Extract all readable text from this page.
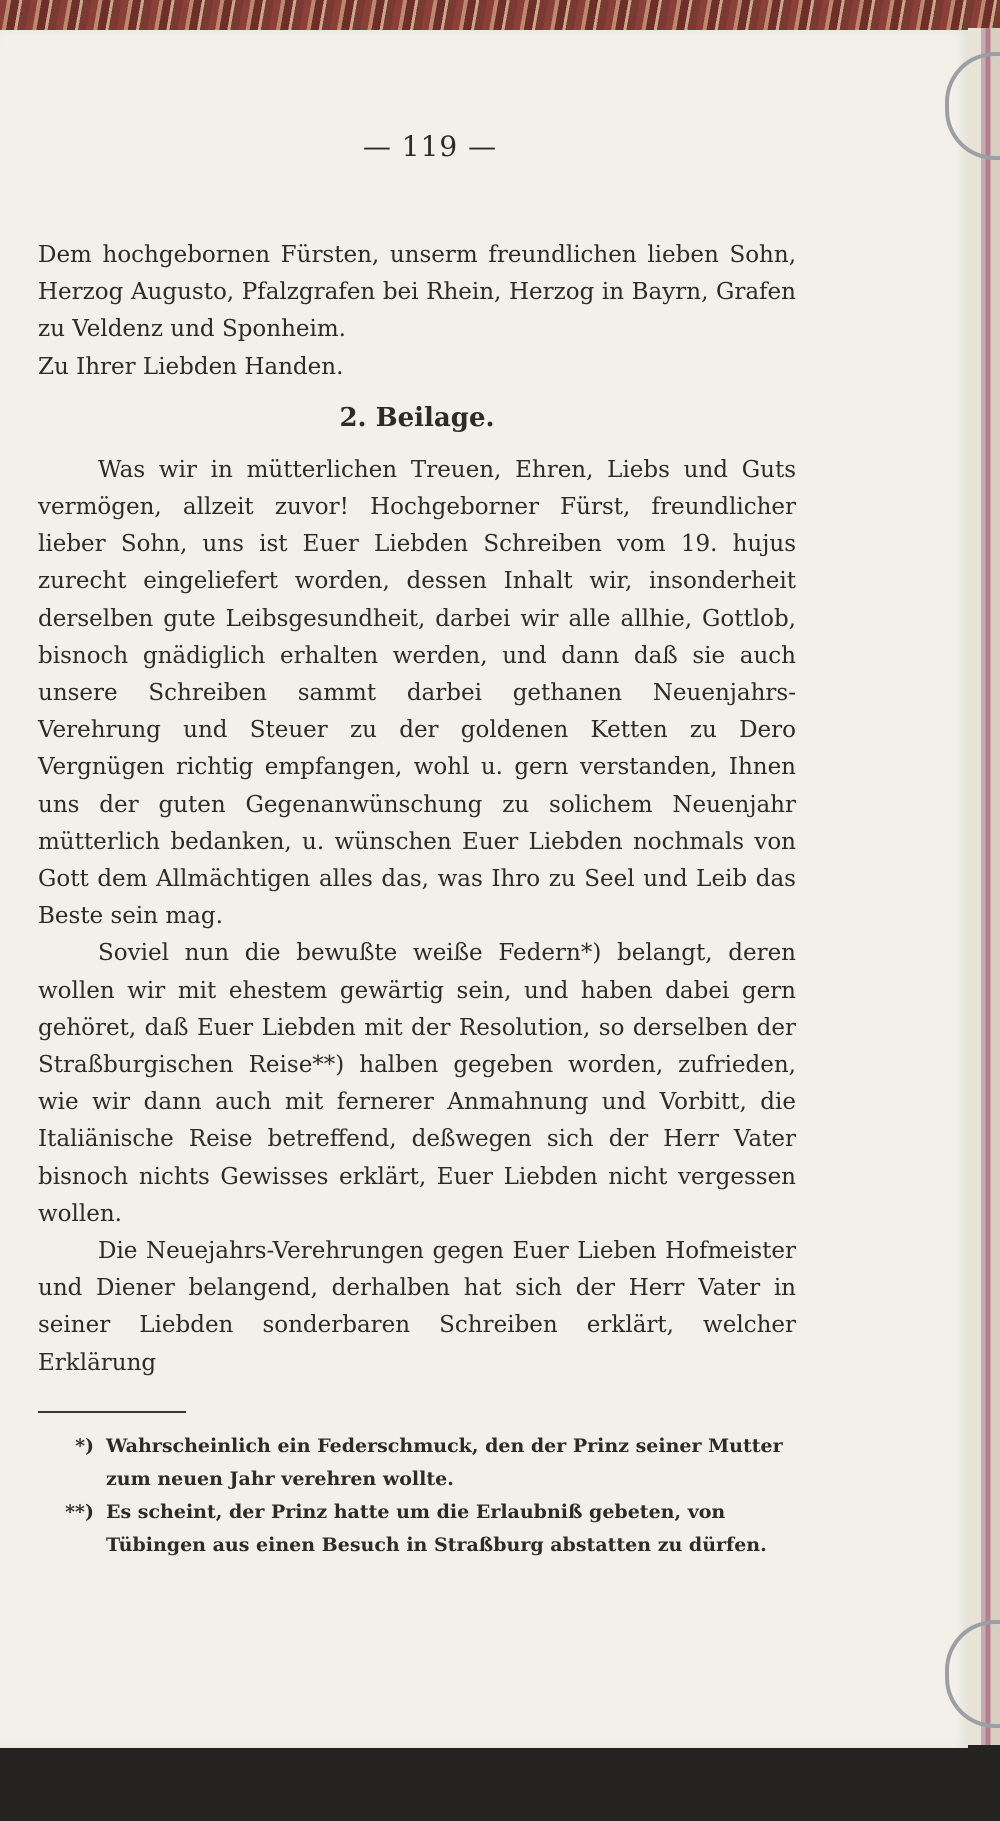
— 119 —

Dem hochgebornen Fürsten, unserm freundlichen lieben Sohn, Herzog Augusto, Pfalzgrafen bei Rhein, Herzog in Bayrn, Grafen zu Veldenz und Sponheim.

Zu Ihrer Liebden Handen.

2. Beilage.

Was wir in mütterlichen Treuen, Ehren, Liebs und Guts vermögen, allzeit zuvor! Hochgeborner Fürst, freundlicher lieber Sohn, uns ist Euer Liebden Schreiben vom 19. hujus zurecht eingeliefert worden, dessen Inhalt wir, insonderheit derselben gute Leibsgesundheit, darbei wir alle allhie, Gottlob, bisnoch gnädiglich erhalten werden, und dann daß sie auch unsere Schreiben sammt darbei gethanen Neuenjahrs-Verehrung und Steuer zu der goldenen Ketten zu Dero Vergnügen richtig empfangen, wohl u. gern verstanden, Ihnen uns der guten Gegenanwünschung zu solichem Neuenjahr mütterlich bedanken, u. wünschen Euer Liebden nochmals von Gott dem Allmächtigen alles das, was Ihro zu Seel und Leib das Beste sein mag.

Soviel nun die bewußte weiße Federn*) belangt, deren wollen wir mit ehestem gewärtig sein, und haben dabei gern gehöret, daß Euer Liebden mit der Resolution, so derselben der Straßburgischen Reise**) halben gegeben worden, zufrieden, wie wir dann auch mit fernerer Anmahnung und Vorbitt, die Italiänische Reise betreffend, deßwegen sich der Herr Vater bisnoch nichts Gewisses erklärt, Euer Liebden nicht vergessen wollen.

Die Neuejahrs-Verehrungen gegen Euer Lieben Hofmeister und Diener belangend, derhalben hat sich der Herr Vater in seiner Liebden sonderbaren Schreiben erklärt, welcher Erklärung

*) Wahrscheinlich ein Federschmuck, den der Prinz seiner Mutter zum neuen Jahr verehren wollte.
**) Es scheint, der Prinz hatte um die Erlaubniß gebeten, von Tübingen aus einen Besuch in Straßburg abstatten zu dürfen.
